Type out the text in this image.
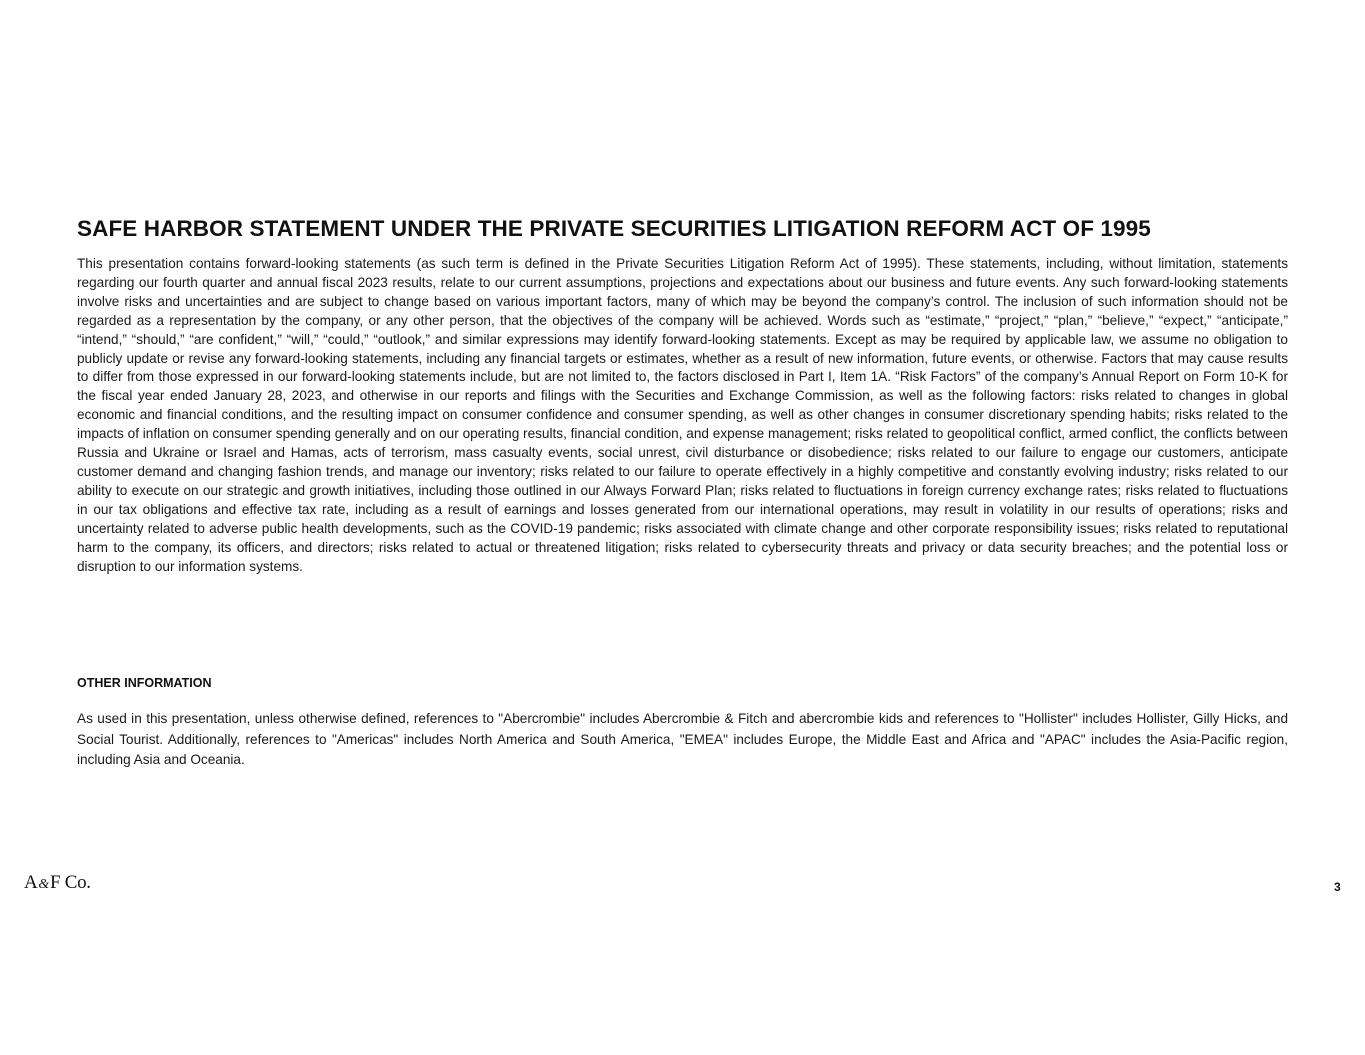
SAFE HARBOR STATEMENT UNDER THE PRIVATE SECURITIES LITIGATION REFORM ACT OF 1995

This presentation contains forward-looking statements (as such term is defined in the Private Securities Litigation Reform Act of 1995). These statements, including, without limitation, statements regarding our fourth quarter and annual fiscal 2023 results, relate to our current assumptions, projections and expectations about our business and future events. Any such forward-looking statements involve risks and uncertainties and are subject to change based on various important factors, many of which may be beyond the company’s control. The inclusion of such information should not be regarded as a representation by the company, or any other person, that the objectives of the company will be achieved. Words such as “estimate,” “project,” “plan,” “believe,” “expect,” “anticipate,” “intend,” “should,” “are confident,” “will,” “could,” “outlook,” and similar expressions may identify forward-looking statements. Except as may be required by applicable law, we assume no obligation to publicly update or revise any forward-looking statements, including any financial targets or estimates, whether as a result of new information, future events, or otherwise. Factors that may cause results to differ from those expressed in our forward-looking statements include, but are not limited to, the factors disclosed in Part I, Item 1A. “Risk Factors” of the company’s Annual Report on Form 10-K for the fiscal year ended January 28, 2023, and otherwise in our reports and filings with the Securities and Exchange Commission, as well as the following factors: risks related to changes in global economic and financial conditions, and the resulting impact on consumer confidence and consumer spending, as well as other changes in consumer discretionary spending habits; risks related to the impacts of inflation on consumer spending generally and on our operating results, financial condition, and expense management; risks related to geopolitical conflict, armed conflict, the conflicts between Russia and Ukraine or Israel and Hamas, acts of terrorism, mass casualty events, social unrest, civil disturbance or disobedience; risks related to our failure to engage our customers, anticipate customer demand and changing fashion trends, and manage our inventory; risks related to our failure to operate effectively in a highly competitive and constantly evolving industry; risks related to our ability to execute on our strategic and growth initiatives, including those outlined in our Always Forward Plan; risks related to fluctuations in foreign currency exchange rates; risks related to fluctuations in our tax obligations and effective tax rate, including as a result of earnings and losses generated from our international operations, may result in volatility in our results of operations; risks and uncertainty related to adverse public health developments, such as the COVID-19 pandemic; risks associated with climate change and other corporate responsibility issues; risks related to reputational harm to the company, its officers, and directors; risks related to actual or threatened litigation; risks related to cybersecurity threats and privacy or data security breaches; and the potential loss or disruption to our information systems.

OTHER INFORMATION

As used in this presentation, unless otherwise defined, references to "Abercrombie" includes Abercrombie & Fitch and abercrombie kids and references to "Hollister" includes Hollister, Gilly Hicks, and Social Tourist. Additionally, references to "Americas" includes North America and South America, "EMEA" includes Europe, the Middle East and Africa and "APAC" includes the Asia-Pacific region, including Asia and Oceania.

A&F Co.	3
